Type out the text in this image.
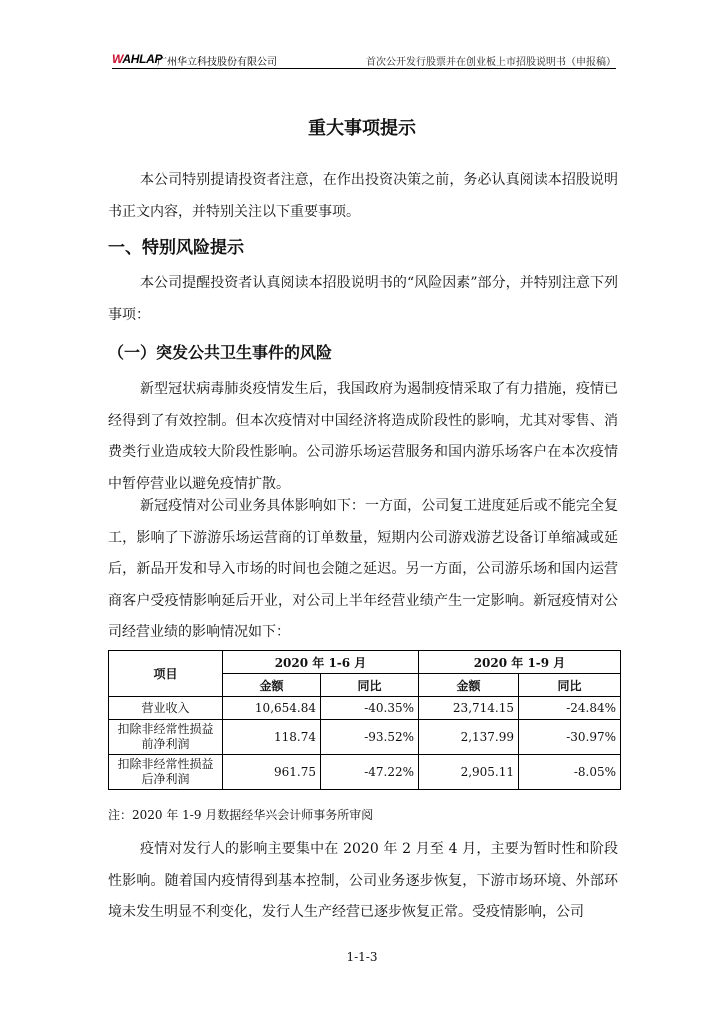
WAHLAP
广州华立科技股份有限公司	首次公开发行股票并在创业板上市招股说明书（申报稿）
重大事项提示

本公司特别提请投资者注意，在作出投资决策之前，务必认真阅读本招股说明书正文内容，并特别关注以下重要事项。

一、特别风险提示

本公司提醒投资者认真阅读本招股说明书的“风险因素”部分，并特别注意下列事项：

（一）突发公共卫生事件的风险

新型冠状病毒肺炎疫情发生后，我国政府为遏制疫情采取了有力措施，疫情已经得到了有效控制。但本次疫情对中国经济将造成阶段性的影响，尤其对零售、消费类行业造成较大阶段性影响。公司游乐场运营服务和国内游乐场客户在本次疫情中暂停营业以避免疫情扩散。

新冠疫情对公司业务具体影响如下：一方面，公司复工进度延后或不能完全复工，影响了下游游乐场运营商的订单数量，短期内公司游戏游艺设备订单缩减或延后，新品开发和导入市场的时间也会随之延迟。另一方面，公司游乐场和国内运营商客户受疫情影响延后开业，对公司上半年经营业绩产生一定影响。新冠疫情对公司经营业绩的影响情况如下：

项目	2020 年 1-6 月		2020 年 1-9 月	
	金额	同比	金额	同比
营业收入	10,654.84	-40.35%	23,714.15	-24.84%
扣除非经常性损益前净利润	118.74	-93.52%	2,137.99	-30.97%
扣除非经常性损益后净利润	961.75	-47.22%	2,905.11	-8.05%
注：2020 年 1-9 月数据经华兴会计师事务所审阅

疫情对发行人的影响主要集中在 2020 年 2 月至 4 月，主要为暂时性和阶段性影响。随着国内疫情得到基本控制，公司业务逐步恢复，下游市场环境、外部环境未发生明显不利变化，发行人生产经营已逐步恢复正常。受疫情影响，公司

1-1-3
